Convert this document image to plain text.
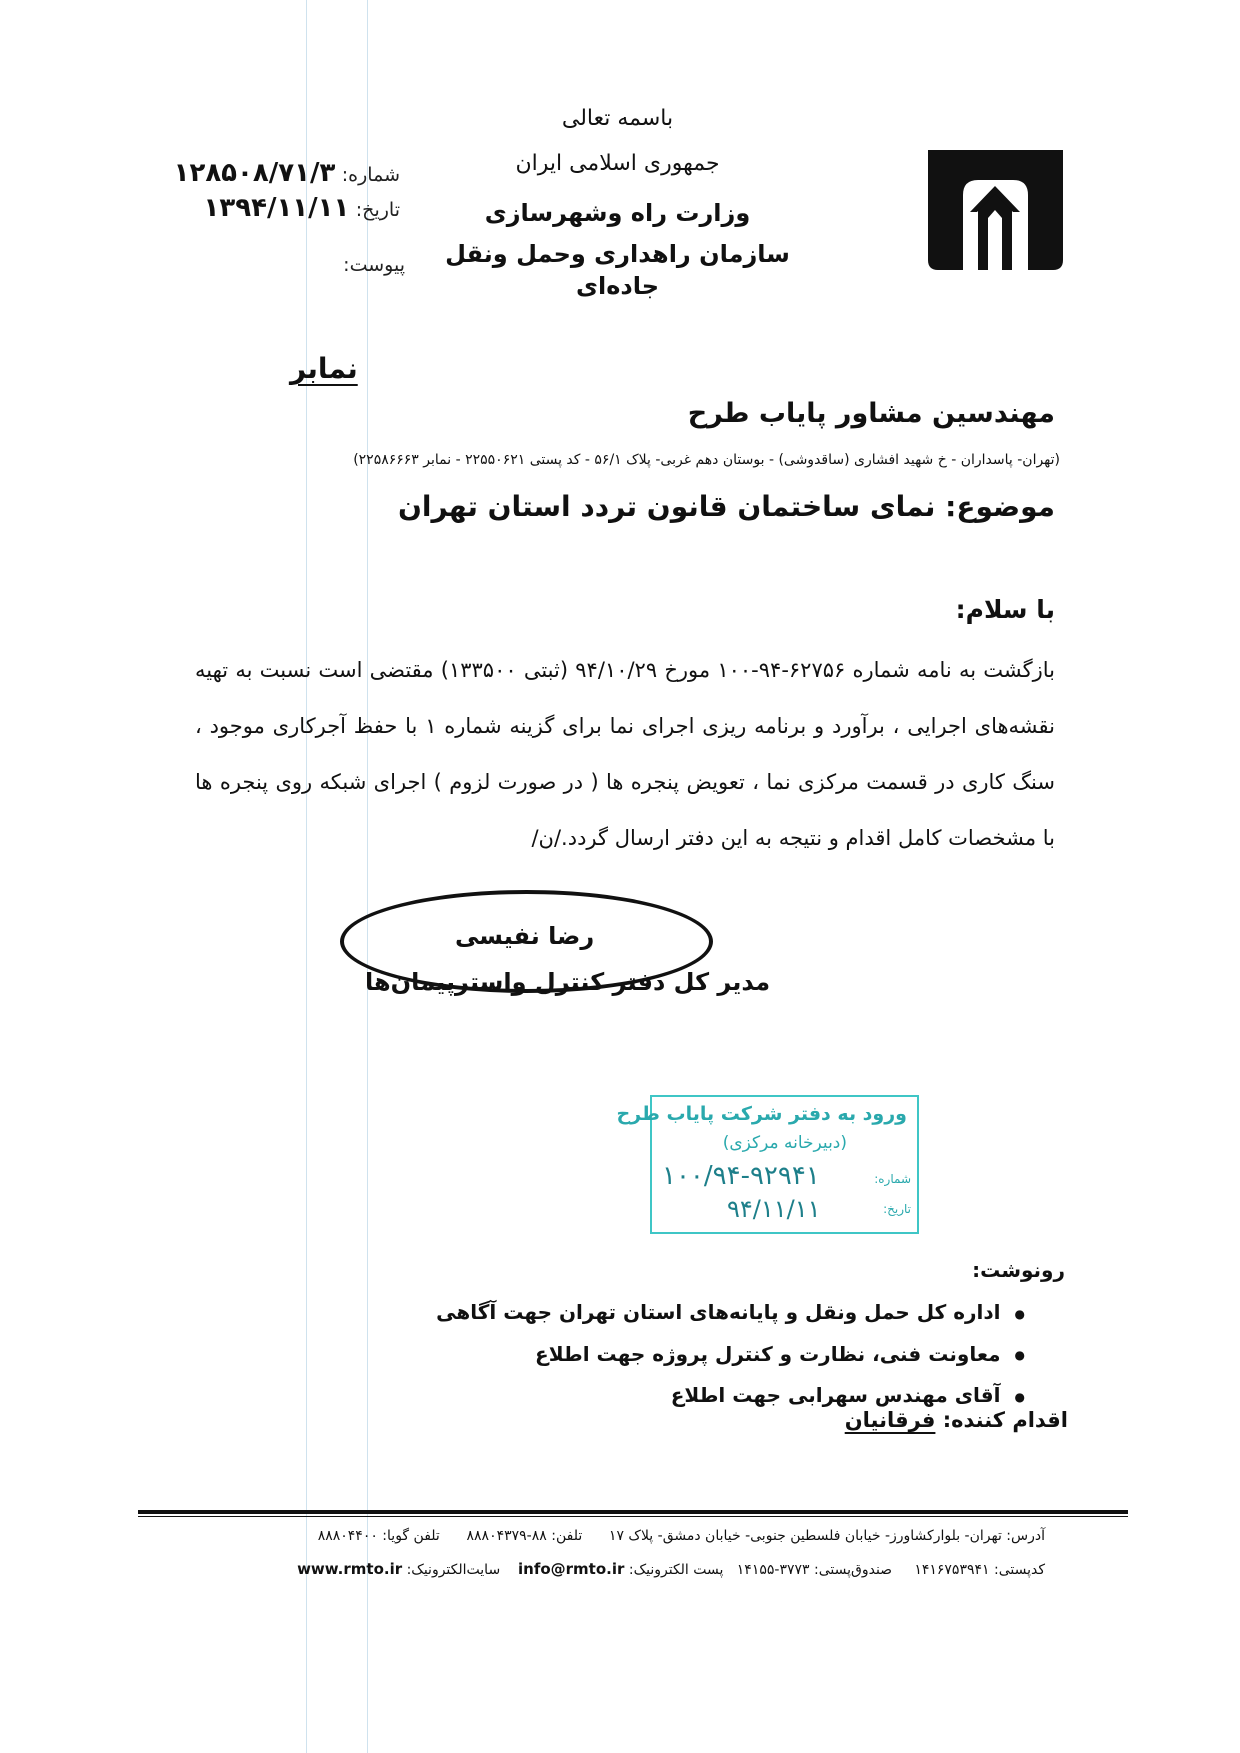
باسمه تعالی
جمهوری اسلامی ایران
وزارت راه وشهرسازی
سازمان راهداری وحمل ونقل جاده‌ای
شماره: ۱۲۸۵۰۸/۷۱/۳
تاریخ: ۱۳۹۴/۱۱/۱۱
پیوست:
نمابر
مهندسین مشاور پایاب طرح
(تهران- پاسداران - خ شهید افشاری (ساقدوشی) - بوستان دهم غربی- پلاک ۵۶/۱ - کد پستی ۲۲۵۵۰۶۲۱ - نمابر ۲۲۵۸۶۶۶۳)
موضوع: نمای ساختمان قانون تردد استان تهران
با سلام:
بازگشت به نامه شماره ۶۲۷۵۶-۹۴-۱۰۰ مورخ ۹۴/۱۰/۲۹ (ثبتی ۱۳۳۵۰۰) مقتضی است نسبت به تهیه نقشه‌های اجرایی ، برآورد و برنامه ریزی اجرای نما برای گزینه شماره ۱ با حفظ آجرکاری موجود ، سنگ کاری در قسمت مرکزی نما ، تعویض پنجره ها ( در صورت لزوم ) اجرای شبکه روی پنجره ها با مشخصات کامل اقدام و نتیجه به این دفتر ارسال گردد./ن/
رضا نفیسی
مدیر کل دفتر کنترل ‌واسترپیمان‌ها
ورود به دفتر شرکت پایاب طرح
(دبیرخانه مرکزی)
شماره:
۱۰۰/۹۴-۹۲۹۴۱
تاریخ:
۹۴/۱۱/۱۱
رونوشت:
● اداره کل حمل ونقل و پایانه‌های استان تهران جهت آگاهی
● معاونت فنی، نظارت و کنترل پروژه جهت اطلاع
● آقای مهندس سهرابی جهت اطلاع
اقدام کننده: فرقانیان
آدرس: تهران- بلوارکشاورز- خیابان فلسطین جنوبی- خیابان دمشق- پلاک ۱۷      تلفن: ۸۸-۸۸۸۰۴۳۷۹      تلفن گویا: ۸۸۸۰۴۴۰۰
کدپستی: ۱۴۱۶۷۵۳۹۴۱     صندوق‌پستی: ۳۷۷۳-۱۴۱۵۵   پست الکترونیک: info@rmto.ir    سایت‌الکترونیک: www.rmto.ir
